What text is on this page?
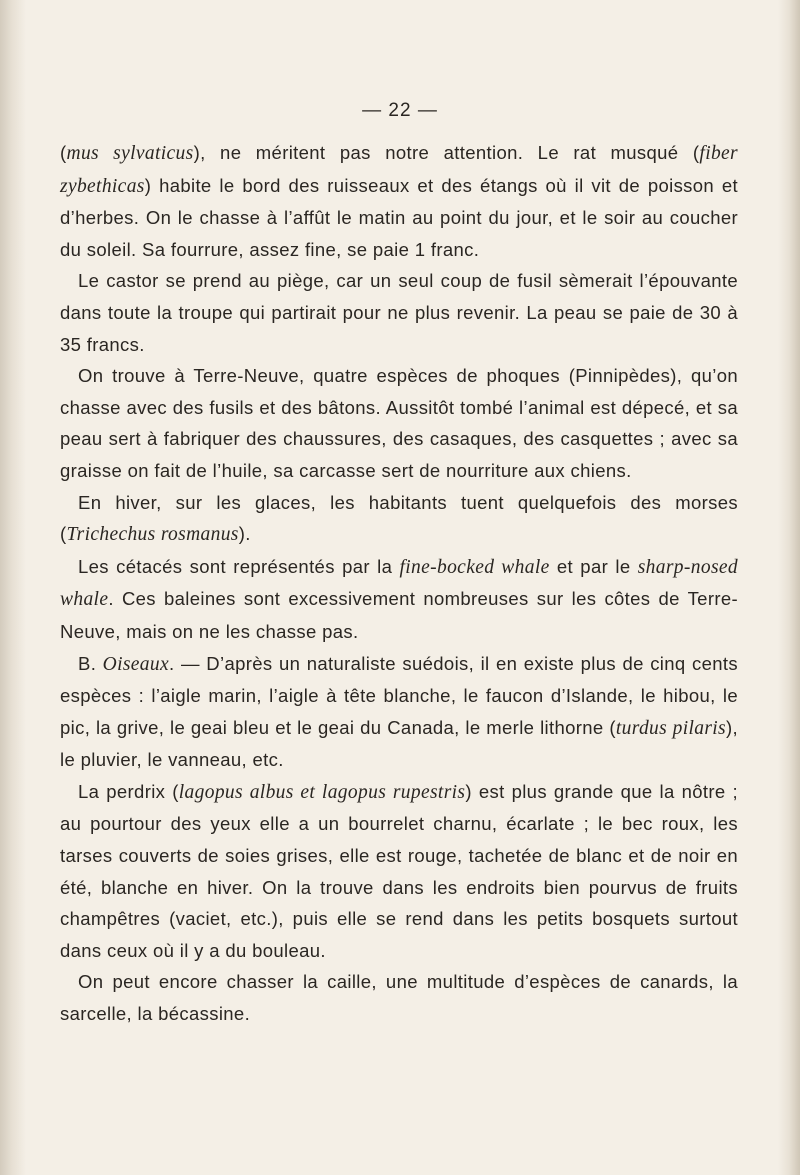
— 22 —

(mus sylvaticus), ne méritent pas notre attention. Le rat musqué (fiber zybethicas) habite le bord des ruisseaux et des étangs où il vit de poisson et d’herbes. On le chasse à l’affût le matin au point du jour, et le soir au coucher du soleil. Sa fourrure, assez fine, se paie 1 franc.

Le castor se prend au piège, car un seul coup de fusil sèmerait l’épouvante dans toute la troupe qui partirait pour ne plus revenir. La peau se paie de 30 à 35 francs.

On trouve à Terre-Neuve, quatre espèces de phoques (Pinnipèdes), qu’on chasse avec des fusils et des bâtons. Aussitôt tombé l’animal est dépecé, et sa peau sert à fabriquer des chaussures, des casaques, des casquettes ; avec sa graisse on fait de l’huile, sa carcasse sert de nourriture aux chiens.

En hiver, sur les glaces, les habitants tuent quelquefois des morses (Trichechus rosmanus).

Les cétacés sont représentés par la fine-bocked whale et par le sharp-nosed whale. Ces baleines sont excessivement nombreuses sur les côtes de Terre-Neuve, mais on ne les chasse pas.

B. Oiseaux. — D’après un naturaliste suédois, il en existe plus de cinq cents espèces : l’aigle marin, l’aigle à tête blanche, le faucon d’Islande, le hibou, le pic, la grive, le geai bleu et le geai du Canada, le merle lithorne (turdus pilaris), le pluvier, le vanneau, etc.

La perdrix (lagopus albus et lagopus rupestris) est plus grande que la nôtre ; au pourtour des yeux elle a un bourrelet charnu, écarlate ; le bec roux, les tarses couverts de soies grises, elle est rouge, tachetée de blanc et de noir en été, blanche en hiver. On la trouve dans les endroits bien pourvus de fruits champêtres (vaciet, etc.), puis elle se rend dans les petits bosquets surtout dans ceux où il y a du bouleau.

On peut encore chasser la caille, une multitude d’espèces de canards, la sarcelle, la bécassine.
